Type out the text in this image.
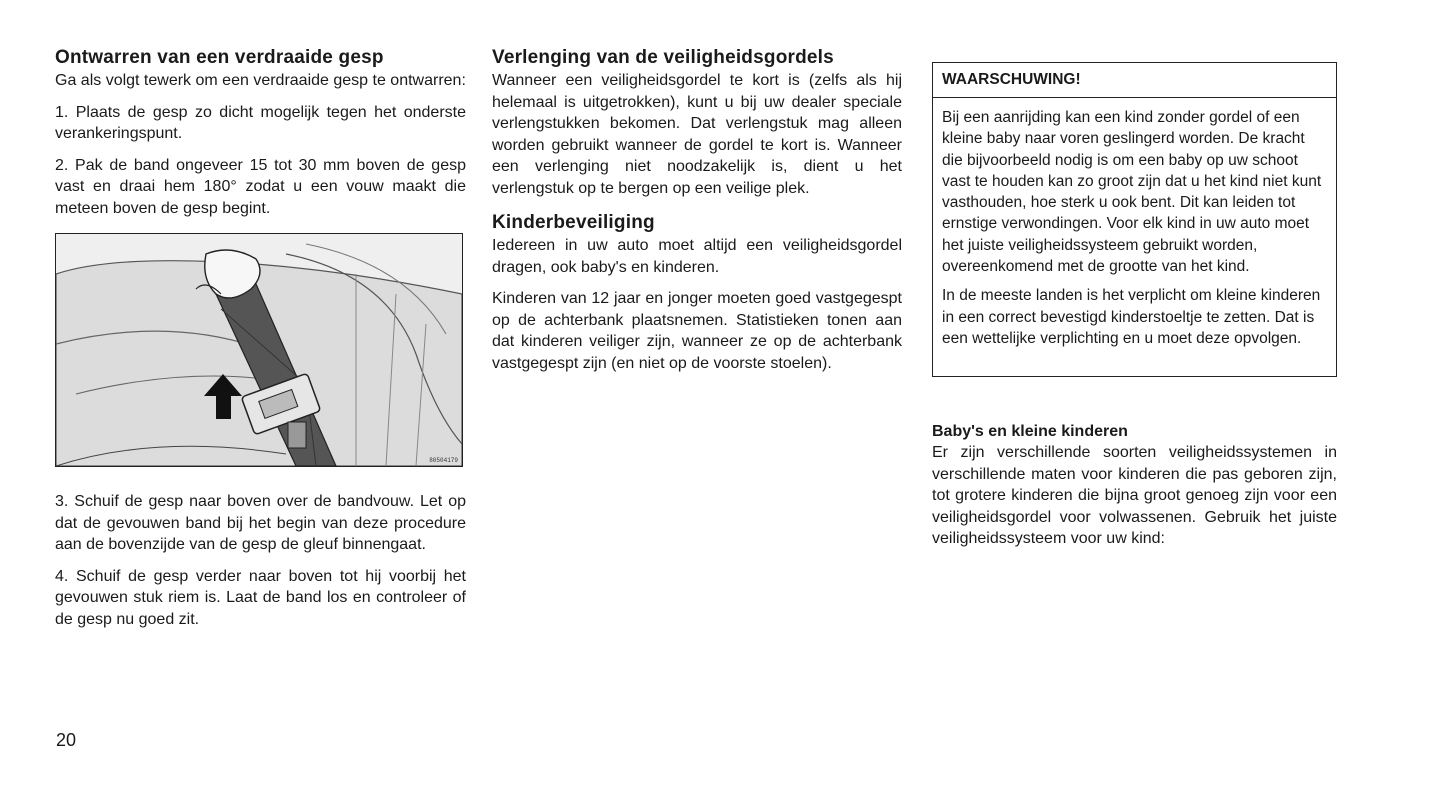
Ontwarren van een verdraaide gesp

Ga als volgt tewerk om een verdraaide gesp te ontwarren:

1. Plaats de gesp zo dicht mogelijk tegen het onderste verankeringspunt.

2. Pak de band ongeveer 15 tot 30 mm boven de gesp vast en draai hem 180° zodat u een vouw maakt die meteen boven de gesp begint.

80504179

3. Schuif de gesp naar boven over de bandvouw. Let op dat de gevouwen band bij het begin van deze procedure aan de bovenzijde van de gesp de gleuf binnengaat.

4. Schuif de gesp verder naar boven tot hij voorbij het gevouwen stuk riem is. Laat de band los en controleer of de gesp nu goed zit.

Verlenging van de veiligheidsgordels

Wanneer een veiligheidsgordel te kort is (zelfs als hij helemaal is uitgetrokken), kunt u bij uw dealer speciale verlengstukken bekomen. Dat verlengstuk mag alleen worden gebruikt wanneer de gordel te kort is. Wanneer een verlenging niet noodzakelijk is, dient u het verlengstuk op te bergen op een veilige plek.

Kinderbeveiliging

Iedereen in uw auto moet altijd een veiligheidsgordel dragen, ook baby's en kinderen.

Kinderen van 12 jaar en jonger moeten goed vastgegespt op de achterbank plaatsnemen. Statistieken tonen aan dat kinderen veiliger zijn, wanneer ze op de achterbank vastgegespt zijn (en niet op de voorste stoelen).

WAARSCHUWING!

Bij een aanrijding kan een kind zonder gordel of een kleine baby naar voren geslingerd worden. De kracht die bijvoorbeeld nodig is om een baby op uw schoot vast te houden kan zo groot zijn dat u het kind niet kunt vasthouden, hoe sterk u ook bent. Dit kan leiden tot ernstige verwondingen. Voor elk kind in uw auto moet het juiste veiligheidssysteem gebruikt worden, overeenkomend met de grootte van het kind.

In de meeste landen is het verplicht om kleine kinderen in een correct bevestigd kinderstoeltje te zetten. Dat is een wettelijke verplichting en u moet deze opvolgen.

Baby's en kleine kinderen

Er zijn verschillende soorten veiligheidssystemen in verschillende maten voor kinderen die pas geboren zijn, tot grotere kinderen die bijna groot genoeg zijn voor een veiligheidsgordel voor volwassenen. Gebruik het juiste veiligheidssysteem voor uw kind:

20
